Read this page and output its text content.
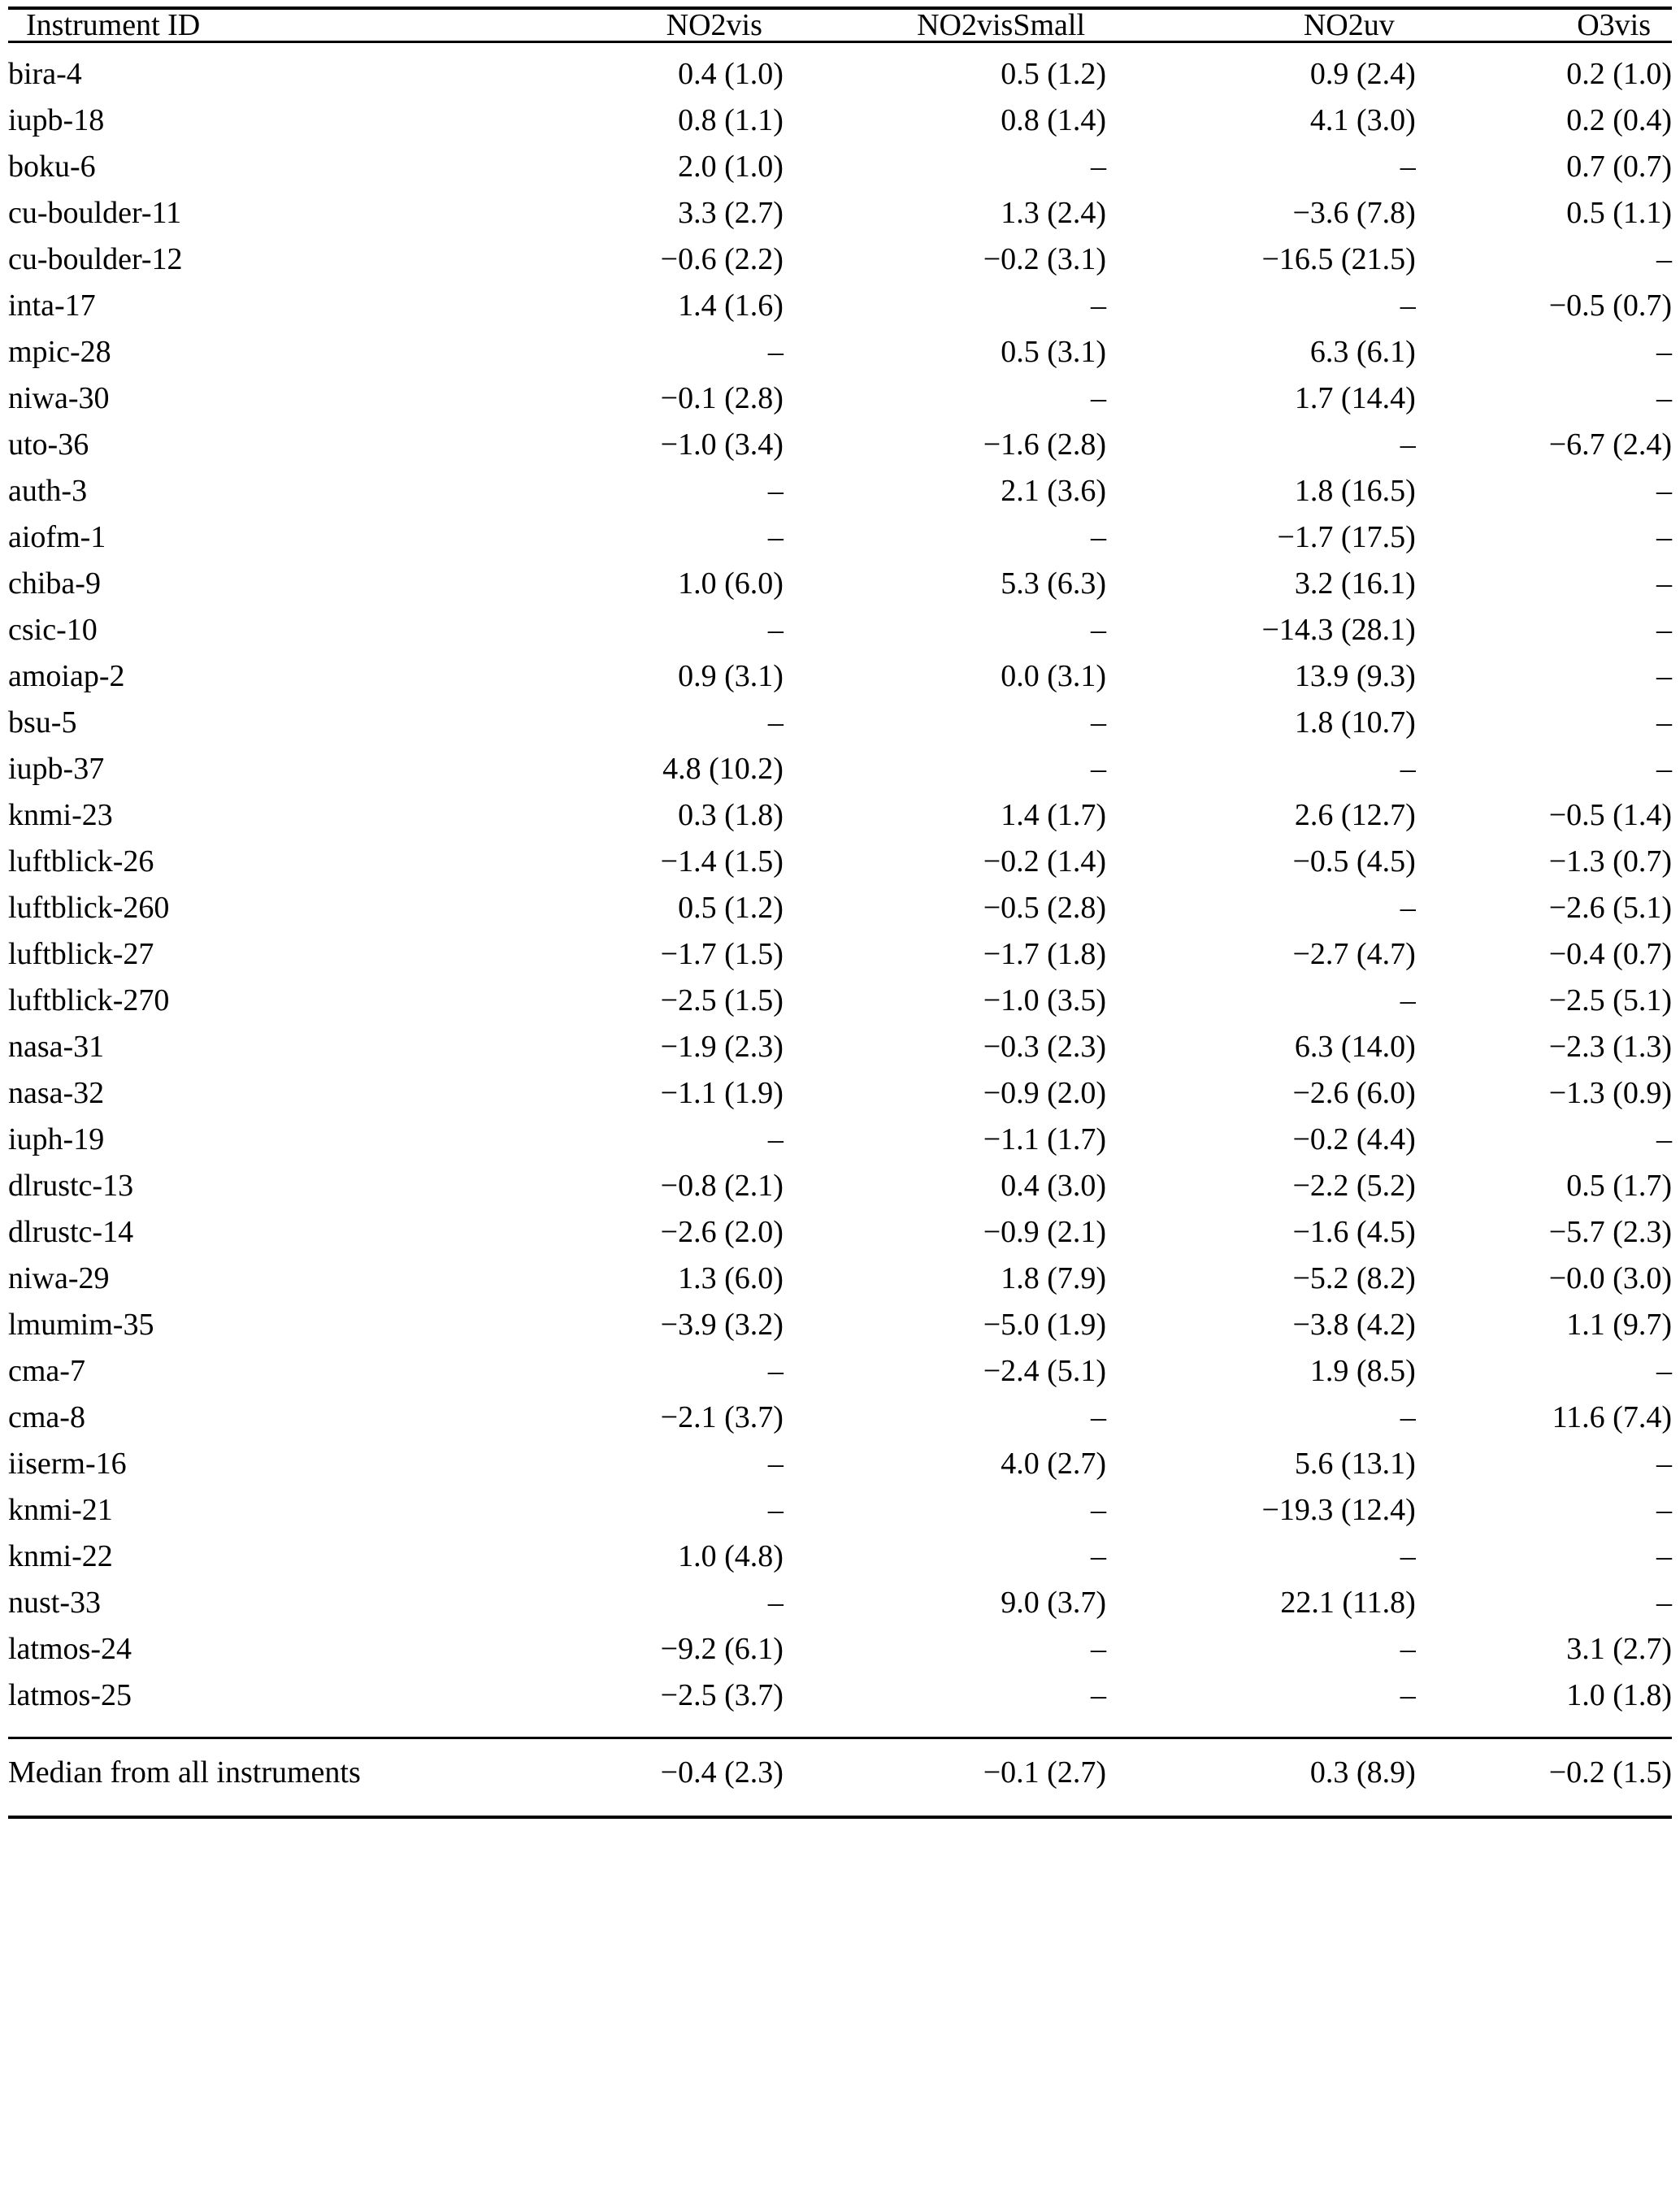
Instrument ID	NO2vis	NO2visSmall	NO2uv	O3vis
bira-4	0.4 (1.0)	0.5 (1.2)	0.9 (2.4)	0.2 (1.0)
iupb-18	0.8 (1.1)	0.8 (1.4)	4.1 (3.0)	0.2 (0.4)
boku-6	2.0 (1.0)	–	–	0.7 (0.7)
cu-boulder-11	3.3 (2.7)	1.3 (2.4)	−3.6 (7.8)	0.5 (1.1)
cu-boulder-12	−0.6 (2.2)	−0.2 (3.1)	−16.5 (21.5)	–
inta-17	1.4 (1.6)	–	–	−0.5 (0.7)
mpic-28	–	0.5 (3.1)	6.3 (6.1)	–
niwa-30	−0.1 (2.8)	–	1.7 (14.4)	–
uto-36	−1.0 (3.4)	−1.6 (2.8)	–	−6.7 (2.4)
auth-3	–	2.1 (3.6)	1.8 (16.5)	–
aiofm-1	–	–	−1.7 (17.5)	–
chiba-9	1.0 (6.0)	5.3 (6.3)	3.2 (16.1)	–
csic-10	–	–	−14.3 (28.1)	–
amoiap-2	0.9 (3.1)	0.0 (3.1)	13.9 (9.3)	–
bsu-5	–	–	1.8 (10.7)	–
iupb-37	4.8 (10.2)	–	–	–
knmi-23	0.3 (1.8)	1.4 (1.7)	2.6 (12.7)	−0.5 (1.4)
luftblick-26	−1.4 (1.5)	−0.2 (1.4)	−0.5 (4.5)	−1.3 (0.7)
luftblick-260	0.5 (1.2)	−0.5 (2.8)	–	−2.6 (5.1)
luftblick-27	−1.7 (1.5)	−1.7 (1.8)	−2.7 (4.7)	−0.4 (0.7)
luftblick-270	−2.5 (1.5)	−1.0 (3.5)	–	−2.5 (5.1)
nasa-31	−1.9 (2.3)	−0.3 (2.3)	6.3 (14.0)	−2.3 (1.3)
nasa-32	−1.1 (1.9)	−0.9 (2.0)	−2.6 (6.0)	−1.3 (0.9)
iuph-19	–	−1.1 (1.7)	−0.2 (4.4)	–
dlrustc-13	−0.8 (2.1)	0.4 (3.0)	−2.2 (5.2)	0.5 (1.7)
dlrustc-14	−2.6 (2.0)	−0.9 (2.1)	−1.6 (4.5)	−5.7 (2.3)
niwa-29	1.3 (6.0)	1.8 (7.9)	−5.2 (8.2)	−0.0 (3.0)
lmumim-35	−3.9 (3.2)	−5.0 (1.9)	−3.8 (4.2)	1.1 (9.7)
cma-7	–	−2.4 (5.1)	1.9 (8.5)	–
cma-8	−2.1 (3.7)	–	–	11.6 (7.4)
iiserm-16	–	4.0 (2.7)	5.6 (13.1)	–
knmi-21	–	–	−19.3 (12.4)	–
knmi-22	1.0 (4.8)	–	–	–
nust-33	–	9.0 (3.7)	22.1 (11.8)	–
latmos-24	−9.2 (6.1)	–	–	3.1 (2.7)
latmos-25	−2.5 (3.7)	–	–	1.0 (1.8)
Median from all instruments	−0.4 (2.3)	−0.1 (2.7)	0.3 (8.9)	−0.2 (1.5)
